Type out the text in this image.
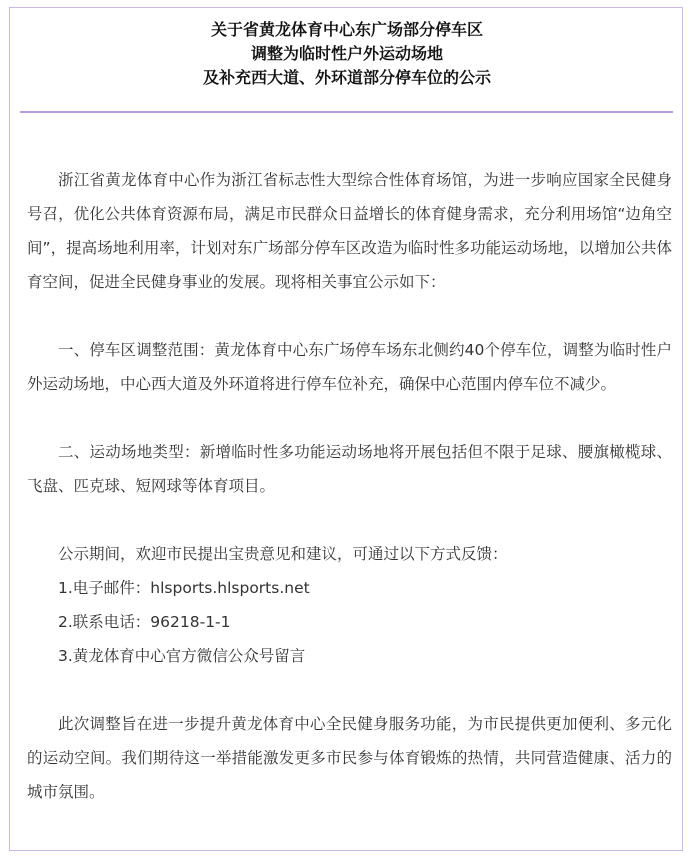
关于省黄龙体育中心东广场部分停车区
调整为临时性户外运动场地
及补充西大道、外环道部分停车位的公示

浙江省黄龙体育中心作为浙江省标志性大型综合性体育场馆，为进一步响应国家全民健身号召，优化公共体育资源布局，满足市民群众日益增长的体育健身需求，充分利用场馆“边角空间”，提高场地利用率，计划对东广场部分停车区改造为临时性多功能运动场地，以增加公共体育空间，促进全民健身事业的发展。现将相关事宜公示如下：

一、停车区调整范围：黄龙体育中心东广场停车场东北侧约40个停车位，调整为临时性户外运动场地，中心西大道及外环道将进行停车位补充，确保中心范围内停车位不减少。

二、运动场地类型：新增临时性多功能运动场地将开展包括但不限于足球、腰旗橄榄球、飞盘、匹克球、短网球等体育项目。

公示期间，欢迎市民提出宝贵意见和建议，可通过以下方式反馈：

1.电子邮件：hlsports.hlsports.net

2.联系电话：96218-1-1

3.黄龙体育中心官方微信公众号留言

此次调整旨在进一步提升黄龙体育中心全民健身服务功能，为市民提供更加便利、多元化的运动空间。我们期待这一举措能激发更多市民参与体育锻炼的热情，共同营造健康、活力的城市氛围。
